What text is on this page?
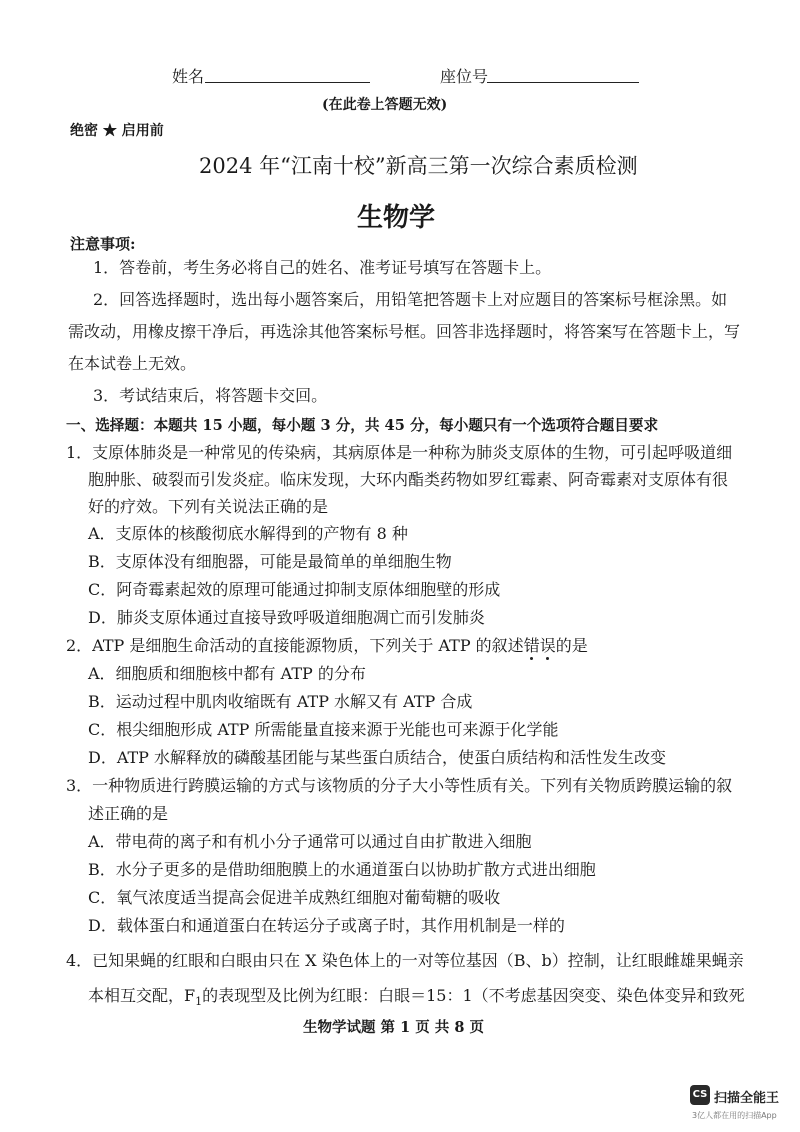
姓名	座位号
(在此卷上答题无效)
绝密 ★ 启用前
2024 年“江南十校”新高三第一次综合素质检测
生物学
注意事项:
1．答卷前，考生务必将自己的姓名、准考证号填写在答题卡上。
2．回答选择题时，选出每小题答案后，用铅笔把答题卡上对应题目的答案标号框涂黑。如
需改动，用橡皮擦干净后，再选涂其他答案标号框。回答非选择题时，将答案写在答题卡上，写
在本试卷上无效。
3．考试结束后，将答题卡交回。
一、选择题：本题共 15 小题，每小题 3 分，共 45 分，每小题只有一个选项符合题目要求
1．支原体肺炎是一种常见的传染病，其病原体是一种称为肺炎支原体的生物，可引起呼吸道细
胞肿胀、破裂而引发炎症。临床发现，大环内酯类药物如罗红霉素、阿奇霉素对支原体有很
好的疗效。下列有关说法正确的是
A．支原体的核酸彻底水解得到的产物有 8 种
B．支原体没有细胞器，可能是最简单的单细胞生物
C．阿奇霉素起效的原理可能通过抑制支原体细胞壁的形成
D．肺炎支原体通过直接导致呼吸道细胞凋亡而引发肺炎
2．ATP 是细胞生命活动的直接能源物质，下列关于 ATP 的叙述错误的是
A．细胞质和细胞核中都有 ATP 的分布
B．运动过程中肌肉收缩既有 ATP 水解又有 ATP 合成
C．根尖细胞形成 ATP 所需能量直接来源于光能也可来源于化学能
D．ATP 水解释放的磷酸基团能与某些蛋白质结合，使蛋白质结构和活性发生改变
3．一种物质进行跨膜运输的方式与该物质的分子大小等性质有关。下列有关物质跨膜运输的叙
述正确的是
A．带电荷的离子和有机小分子通常可以通过自由扩散进入细胞
B．水分子更多的是借助细胞膜上的水通道蛋白以协助扩散方式进出细胞
C．氧气浓度适当提高会促进羊成熟红细胞对葡萄糖的吸收
D．载体蛋白和通道蛋白在转运分子或离子时，其作用机制是一样的
4．已知果蝇的红眼和白眼由只在 X 染色体上的一对等位基因（B、b）控制，让红眼雌雄果蝇亲
本相互交配，$F_1$的表现型及比例为红眼：白眼＝15：1（不考虑基因突变、染色体变异和致死
生物学试题 第 1 页 共 8 页
CS 扫描全能王
3亿人都在用的扫描App
